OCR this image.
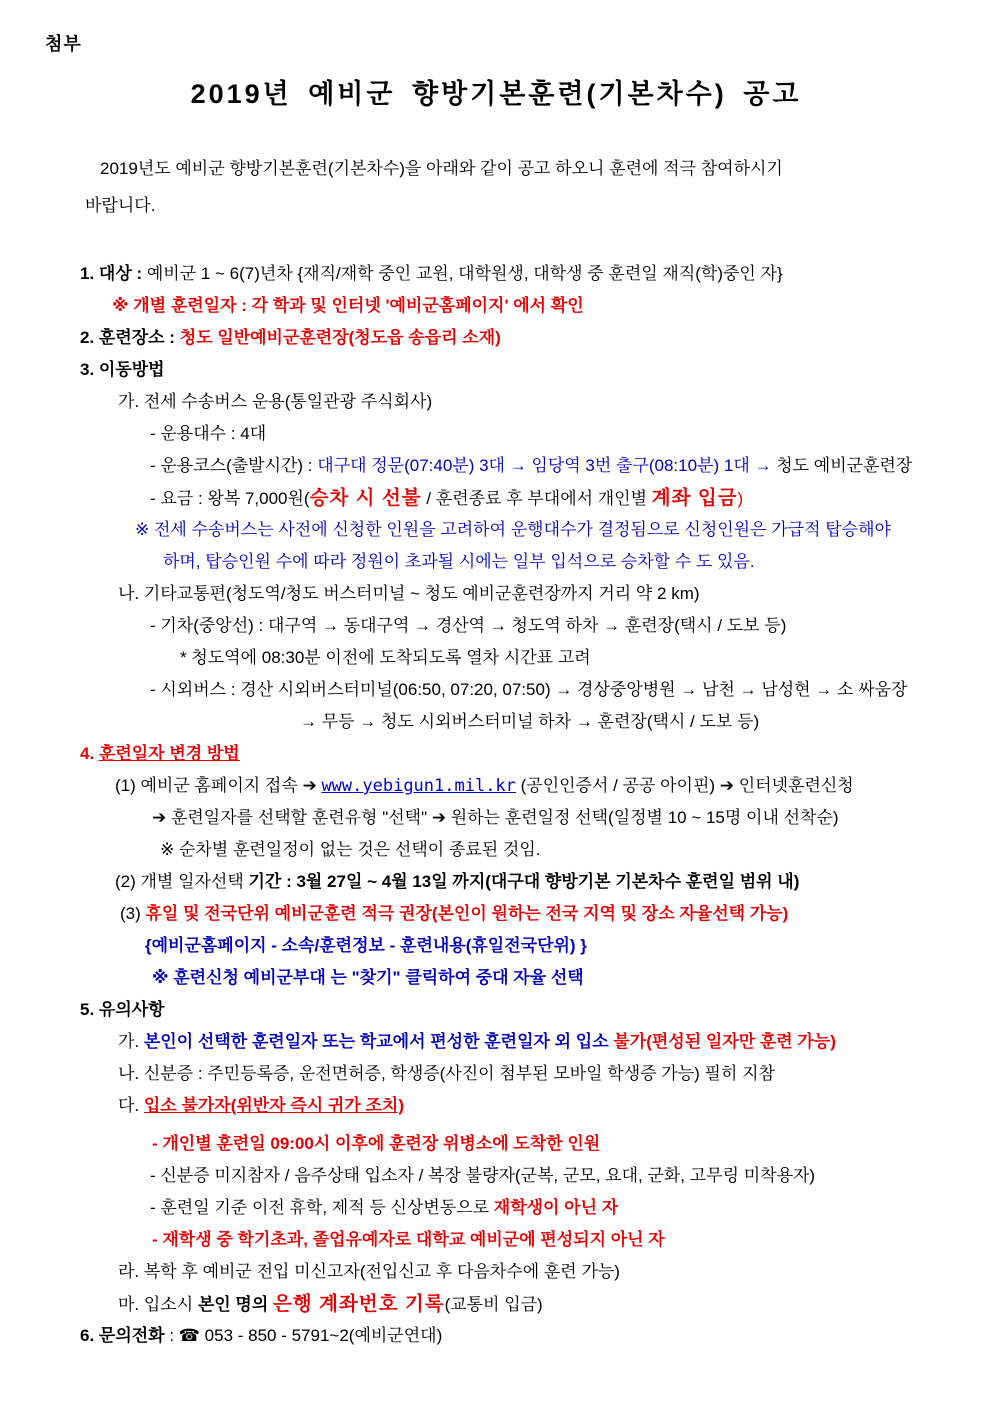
첨부
2019년 예비군 향방기본훈련(기본차수) 공고
2019년도 예비군 향방기본훈련(기본차수)을 아래와 같이 공고 하오니 훈련에 적극 참여하시기
바랍니다.
1. 대상 : 예비군 1 ~ 6(7)년차 {재직/재학 중인 교원, 대학원생, 대학생 중 훈련일 재직(학)중인 자}
※ 개별 훈련일자 : 각 학과 및 인터넷 '예비군홈페이지' 에서 확인
2. 훈련장소 : 청도 일반예비군훈련장(청도읍 송읍리 소재)
3. 이동방법
가. 전세 수송버스 운용(통일관광 주식회사)
- 운용대수 : 4대
- 운용코스(출발시간) : 대구대 정문(07:40분) 3대 → 임당역 3번 출구(08:10분) 1대 → 청도 예비군훈련장
- 요금 : 왕복 7,000원(승차 시 선불 / 훈련종료 후 부대에서 개인별 계좌 입금)
※ 전세 수송버스는 사전에 신청한 인원을 고려하여 운행대수가 결정됨으로 신청인원은 가급적 탑승해야
하며, 탑승인원 수에 따라 정원이 초과될 시에는 일부 입석으로 승차할 수 도 있음.
나. 기타교통편(청도역/청도 버스터미널 ~ 청도 예비군훈련장까지 거리 약 2 km)
- 기차(중앙선) : 대구역 → 동대구역 → 경산역 → 청도역 하차 → 훈련장(택시 / 도보 등)
* 청도역에 08:30분 이전에 도착되도록 열차 시간표 고려
- 시외버스 : 경산 시외버스터미널(06:50, 07:20, 07:50) → 경상중앙병원 → 남천 → 남성현 → 소 싸움장
→ 무등 → 청도 시외버스터미널 하차 → 훈련장(택시 / 도보 등)
4. 훈련일자 변경 방법
(1) 예비군 홈페이지 접속 ➔ www.yebigun1.mil.kr (공인인증서 / 공공 아이핀) ➔ 인터넷훈련신청
➔ 훈련일자를 선택할 훈련유형 "선택" ➔ 원하는 훈련일정 선택(일정별 10 ~ 15명 이내 선착순)
※ 순차별 훈련일정이 없는 것은 선택이 종료된 것임.
(2) 개별 일자선택 기간 : 3월 27일 ~ 4월 13일 까지(대구대 향방기본 기본차수 훈련일 범위 내)
(3) 휴일 및 전국단위 예비군훈련 적극 권장(본인이 원하는 전국 지역 및 장소 자율선택 가능)
{예비군홈페이지 - 소속/훈련정보 - 훈련내용(휴일전국단위) }
※ 훈련신청 예비군부대 는 "찾기" 클릭하여 중대 자율 선택
5. 유의사항
가. 본인이 선택한 훈련일자 또는 학교에서 편성한 훈련일자 외 입소 불가(편성된 일자만 훈련 가능)
나. 신분증 : 주민등록증, 운전면허증, 학생증(사진이 첨부된 모바일 학생증 가능) 필히 지참
다. 입소 불가자(위반자 즉시 귀가 조치)
- 개인별 훈련일 09:00시 이후에 훈련장 위병소에 도착한 인원
- 신분증 미지참자 / 음주상태 입소자 / 복장 불량자(군복, 군모, 요대, 군화, 고무링 미착용자)
- 훈련일 기준 이전 휴학, 제적 등 신상변동으로 재학생이 아닌 자
- 재학생 중 학기초과, 졸업유예자로 대학교 예비군에 편성되지 아닌 자
라. 복학 후 예비군 전입 미신고자(전입신고 후 다음차수에 훈련 가능)
마. 입소시 본인 명의 은행 계좌번호 기록(교통비 입금)
6. 문의전화 : ☎ 053 - 850 - 5791~2(예비군연대)
